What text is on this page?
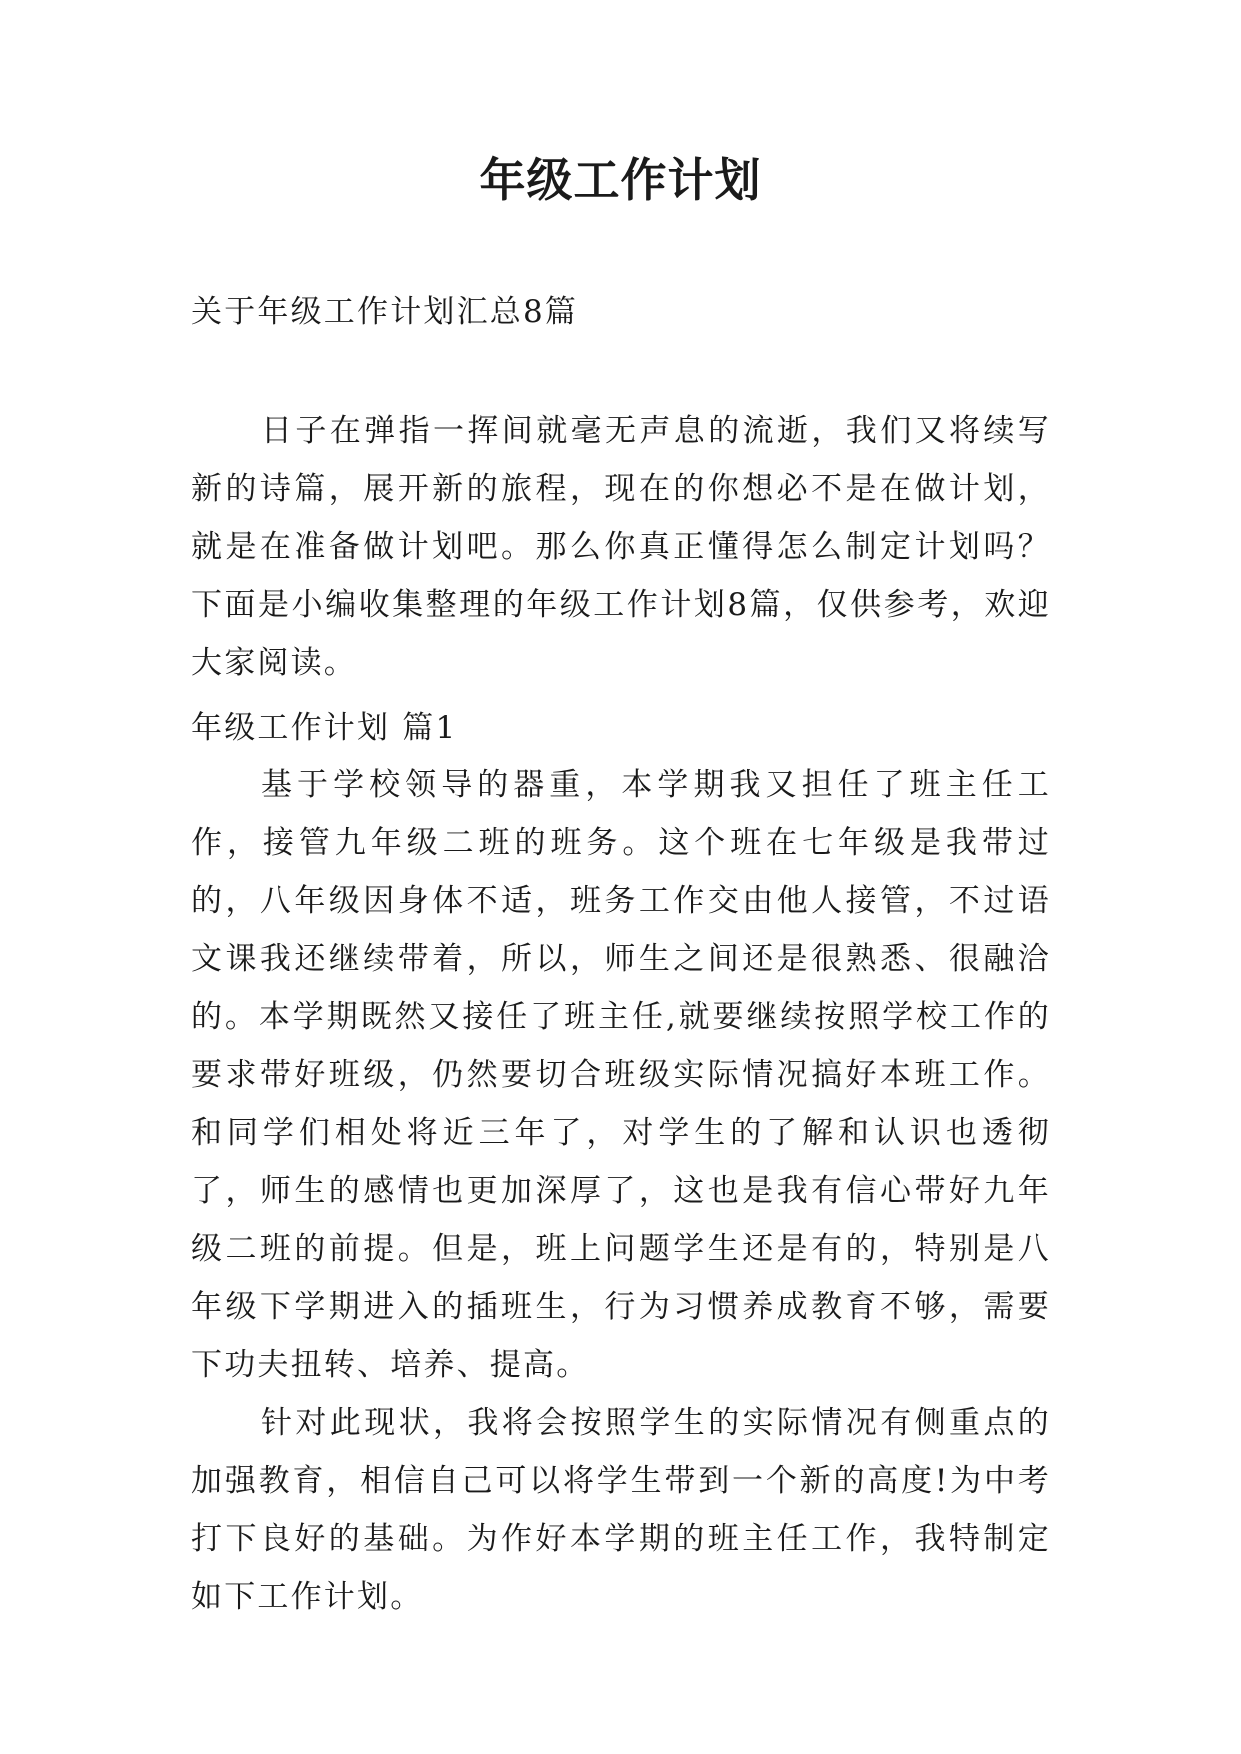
年级工作计划
关于年级工作计划汇总8篇

日子在弹指一挥间就毫无声息的流逝，我们又将续写新的诗篇，展开新的旅程，现在的你想必不是在做计划，就是在准备做计划吧。那么你真正懂得怎么制定计划吗？下面是小编收集整理的年级工作计划8篇，仅供参考，欢迎大家阅读。

年级工作计划 篇1

基于学校领导的器重，本学期我又担任了班主任工作，接管九年级二班的班务。这个班在七年级是我带过的，八年级因身体不适，班务工作交由他人接管，不过语文课我还继续带着，所以，师生之间还是很熟悉、很融洽的。本学期既然又接任了班主任,就要继续按照学校工作的要求带好班级，仍然要切合班级实际情况搞好本班工作。和同学们相处将近三年了，对学生的了解和认识也透彻了，师生的感情也更加深厚了，这也是我有信心带好九年级二班的前提。但是，班上问题学生还是有的，特别是八年级下学期进入的插班生，行为习惯养成教育不够，需要下功夫扭转、培养、提高。

针对此现状，我将会按照学生的实际情况有侧重点的加强教育，相信自己可以将学生带到一个新的高度!为中考打下良好的基础。为作好本学期的班主任工作，我特制定如下工作计划。
